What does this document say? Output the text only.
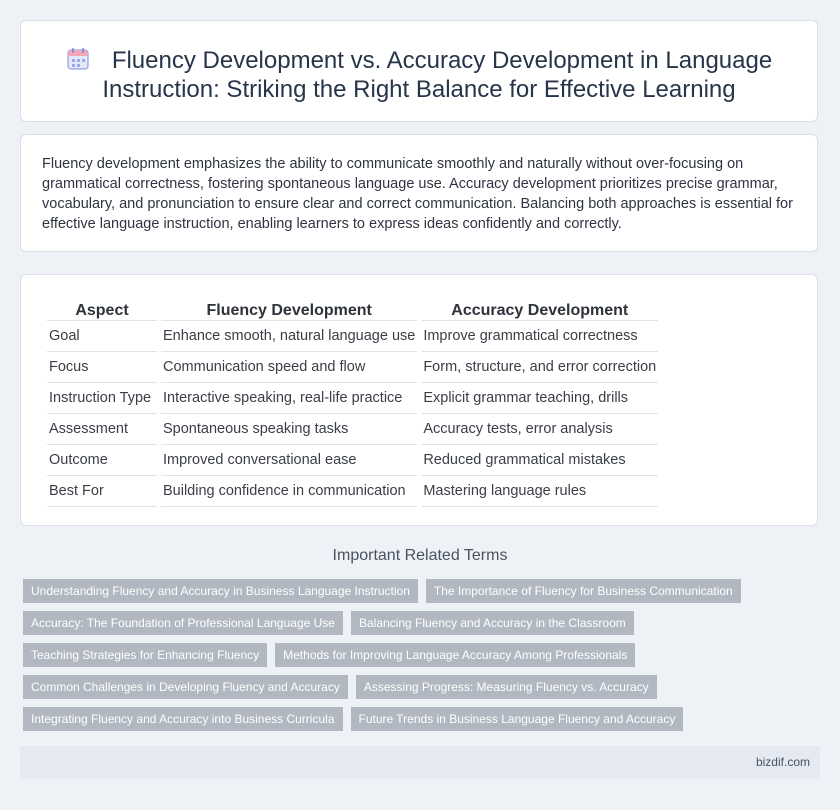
Fluency Development vs. Accuracy Development in Language
Instruction: Striking the Right Balance for Effective Learning
Fluency development emphasizes the ability to communicate smoothly and naturally without over-focusing on grammatical correctness, fostering spontaneous language use. Accuracy development prioritizes precise grammar, vocabulary, and pronunciation to ensure clear and correct communication. Balancing both approaches is essential for effective language instruction, enabling learners to express ideas confidently and correctly.
Aspect	Fluency Development	Accuracy Development
Goal	Enhance smooth, natural language use	Improve grammatical correctness
Focus	Communication speed and flow	Form, structure, and error correction
Instruction Type	Interactive speaking, real-life practice	Explicit grammar teaching, drills
Assessment	Spontaneous speaking tasks	Accuracy tests, error analysis
Outcome	Improved conversational ease	Reduced grammatical mistakes
Best For	Building confidence in communication	Mastering language rules
Important Related Terms
Understanding Fluency and Accuracy in Business Language Instruction	The Importance of Fluency for Business Communication
Accuracy: The Foundation of Professional Language Use	Balancing Fluency and Accuracy in the Classroom
Teaching Strategies for Enhancing Fluency	Methods for Improving Language Accuracy Among Professionals
Common Challenges in Developing Fluency and Accuracy	Assessing Progress: Measuring Fluency vs. Accuracy
Integrating Fluency and Accuracy into Business Curricula	Future Trends in Business Language Fluency and Accuracy
bizdif.com
